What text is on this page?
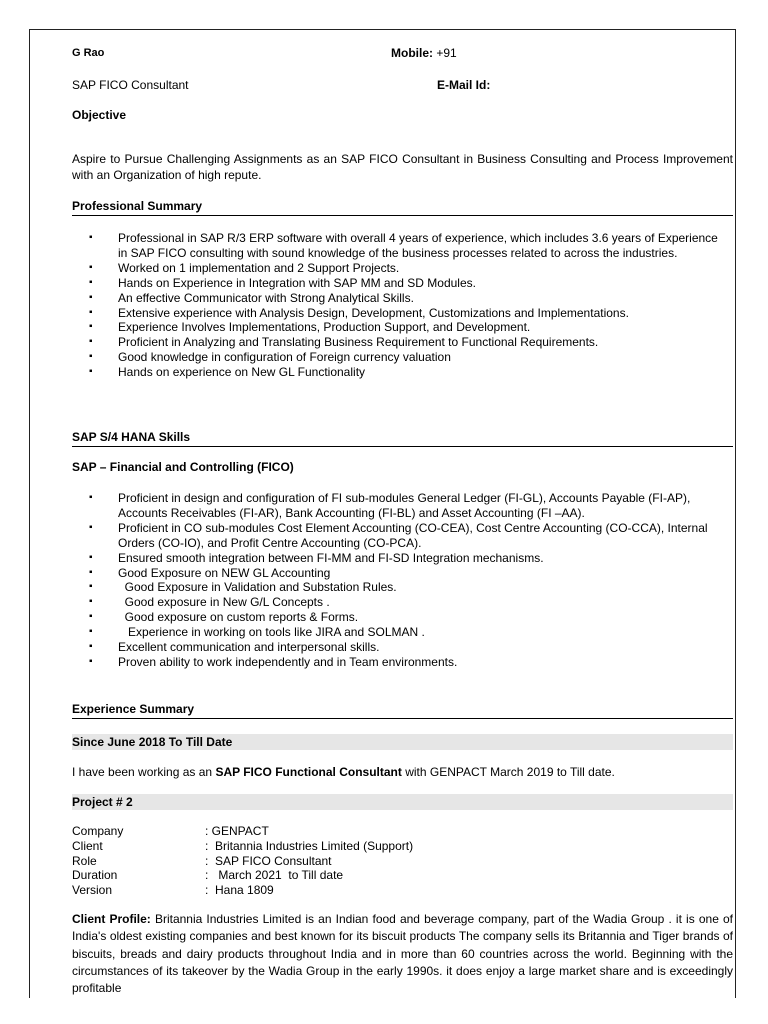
G Rao	Mobile: +91
SAP FICO Consultant	E-Mail Id:
Objective
Aspire to Pursue Challenging Assignments as an SAP FICO Consultant in Business Consulting and Process Improvement with an Organization of high repute.
Professional Summary
▪ Professional in SAP R/3 ERP software with overall 4 years of experience, which includes 3.6 years of Experience in SAP FICO consulting with sound knowledge of the business processes related to across the industries.
▪ Worked on 1 implementation and 2 Support Projects.
▪ Hands on Experience in Integration with SAP MM and SD Modules.
▪ An effective Communicator with Strong Analytical Skills.
▪ Extensive experience with Analysis Design, Development, Customizations and Implementations.
▪ Experience Involves Implementations, Production Support, and Development.
▪ Proficient in Analyzing and Translating Business Requirement to Functional Requirements.
▪ Good knowledge in configuration of Foreign currency valuation
▪ Hands on experience on New GL Functionality
SAP S/4 HANA Skills
SAP – Financial and Controlling (FICO)
▪ Proficient in design and configuration of FI sub-modules General Ledger (FI-GL), Accounts Payable (FI-AP), Accounts Receivables (FI-AR), Bank Accounting (FI-BL) and Asset Accounting (FI –AA).
▪ Proficient in CO sub-modules Cost Element Accounting (CO-CEA), Cost Centre Accounting (CO-CCA), Internal Orders (CO-IO), and Profit Centre Accounting (CO-PCA).
▪ Ensured smooth integration between FI-MM and FI-SD Integration mechanisms.
▪ Good Exposure on NEW GL Accounting
▪   Good Exposure in Validation and Substation Rules.
▪   Good exposure in New G/L Concepts .
▪   Good exposure on custom reports & Forms.
▪    Experience in working on tools like JIRA and SOLMAN .
▪ Excellent communication and interpersonal skills.
▪ Proven ability to work independently and in Team environments.
Experience Summary
Since June 2018 To Till Date
I have been working as an SAP FICO Functional Consultant with GENPACT March 2019 to Till date.
Project # 2
Company	: GENPACT
Client	:  Britannia Industries Limited (Support)
Role	:  SAP FICO Consultant
Duration	:   March 2021  to Till date
Version	:  Hana 1809
Client Profile: Britannia Industries Limited is an Indian food and beverage company, part of the Wadia Group . it is one of India's oldest existing companies and best known for its biscuit products The company sells its Britannia and Tiger brands of biscuits, breads and dairy products throughout India and in more than 60 countries across the world. Beginning with the circumstances of its takeover by the Wadia Group in the early 1990s. it does enjoy a large market share and is exceedingly profitable
